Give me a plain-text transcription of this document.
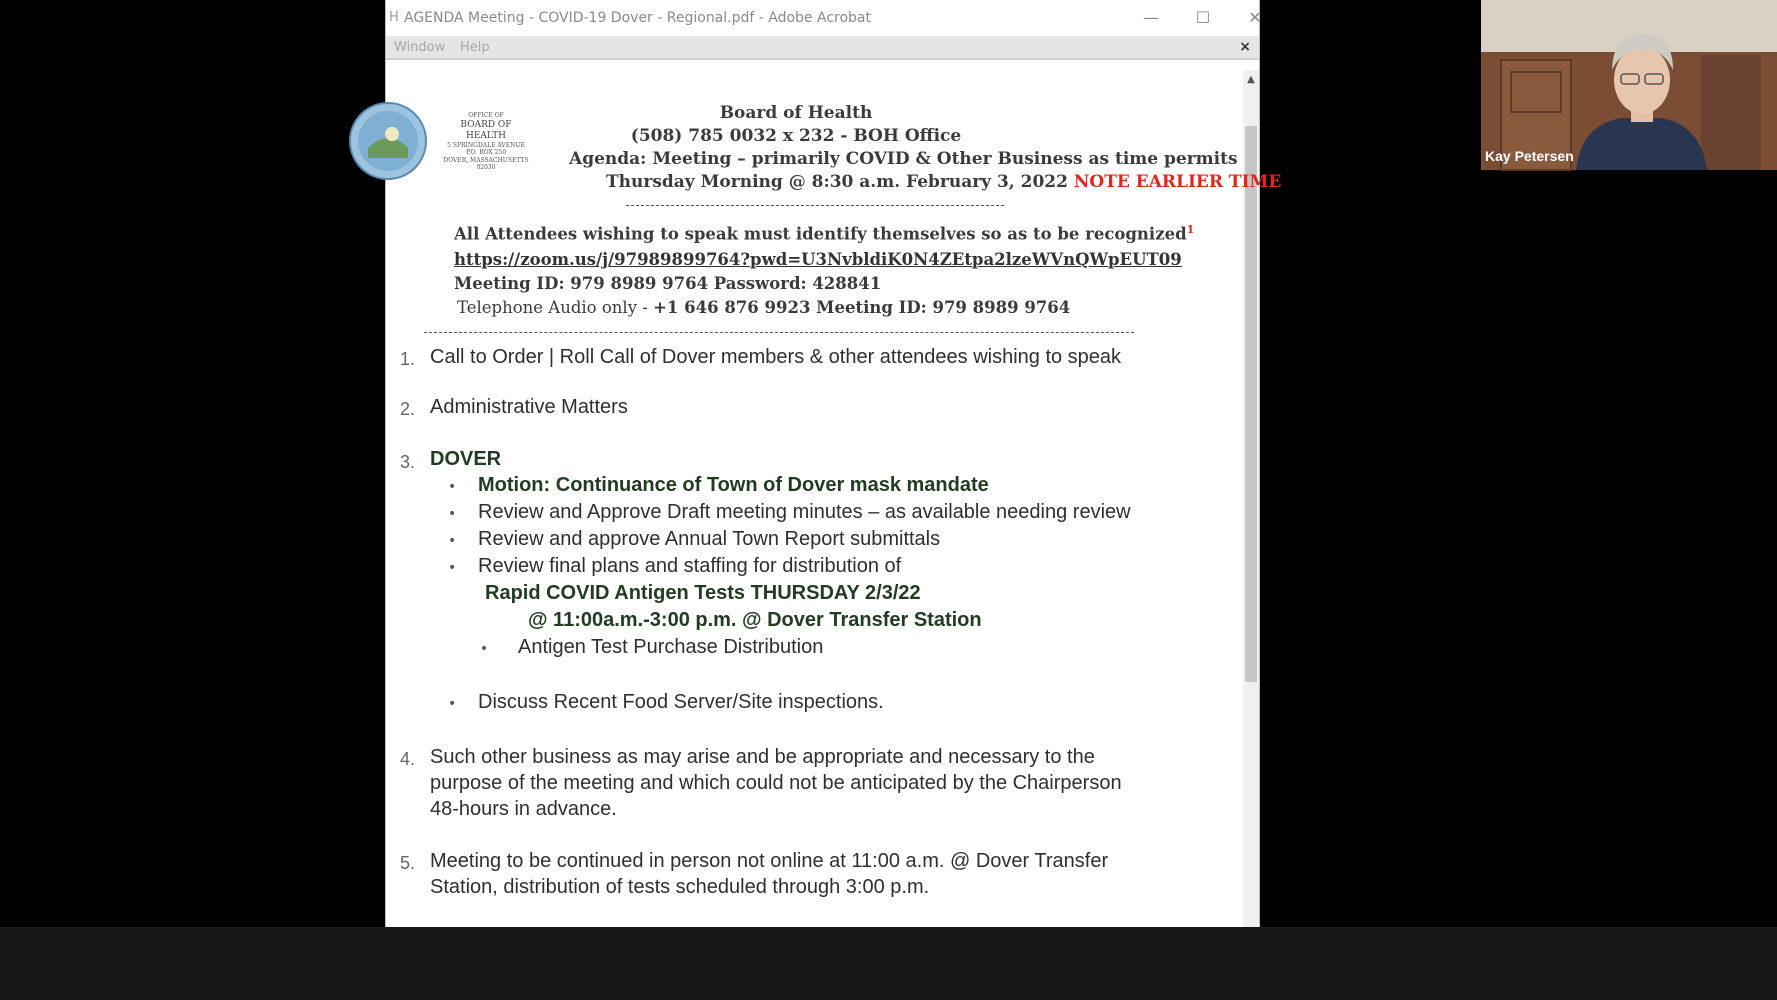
H AGENDA Meeting - COVID-19 Dover - Regional.pdf - Adobe Acrobat	—	☐	✕
Window Help	×
▲
OFFICE OF
BOARD OF HEALTH
5 SPRINGDALE AVENUE
P.O. BOX 250
DOVER, MASSACHUSETTS 02030
Board of Health
(508) 785 0032 x 232 - BOH Office
Agenda: Meeting – primarily COVID & Other Business as time permits
Thursday Morning @ 8:30 a.m. February 3, 2022 NOTE EARLIER TIME
All Attendees wishing to speak must identify themselves so as to be recognized$^1$
https://zoom.us/j/97989899764?pwd=U3NvbldiK0N4ZEtpa2lzeWVnQWpEUT09
Meeting ID: 979 8989 9764 Password: 428841
Telephone Audio only - +1 646 876 9923 Meeting ID: 979 8989 9764
1. Call to Order | Roll Call of Dover members & other attendees wishing to speak
2. Administrative Matters
3. DOVER
• Motion: Continuance of Town of Dover mask mandate
• Review and Approve Draft meeting minutes – as available needing review
• Review and approve Annual Town Report submittals
• Review final plans and staffing for distribution of
Rapid COVID Antigen Tests THURSDAY 2/3/22
@ 11:00a.m.-3:00 p.m. @ Dover Transfer Station
• Antigen Test Purchase Distribution
• Discuss Recent Food Server/Site inspections.
4. Such other business as may arise and be appropriate and necessary to the
purpose of the meeting and which could not be anticipated by the Chairperson
48-hours in advance.
5. Meeting to be continued in person not online at 11:00 a.m. @ Dover Transfer
Station, distribution of tests scheduled through 3:00 p.m.
Kay Petersen
